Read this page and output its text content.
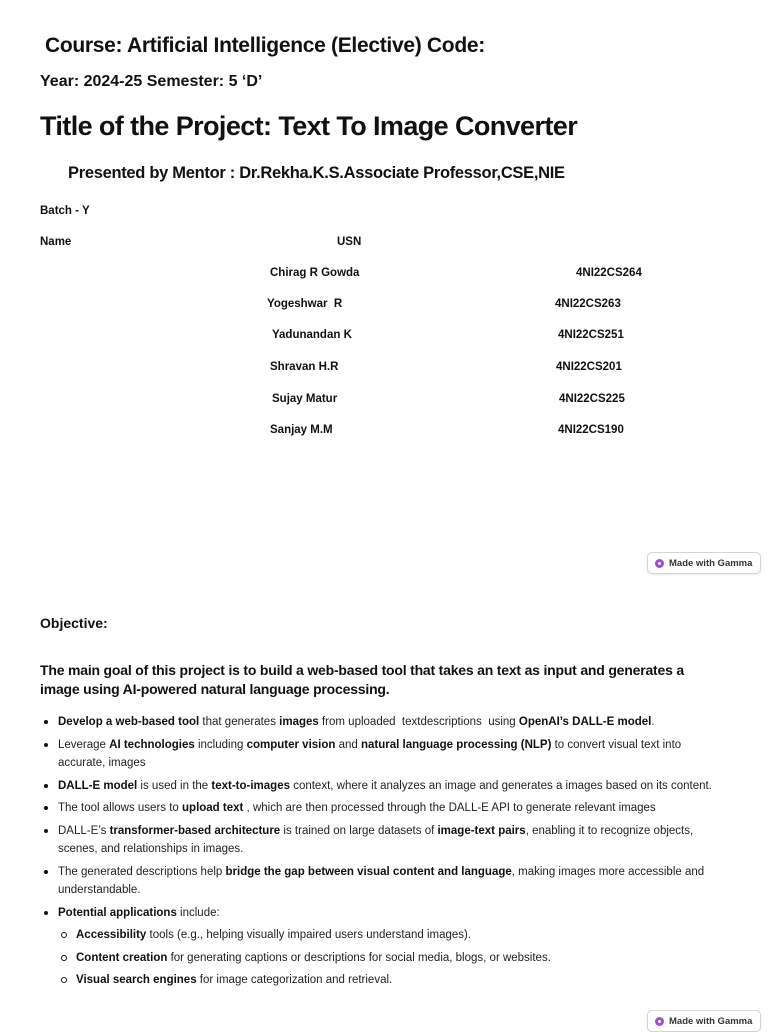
Course: Artificial Intelligence (Elective) Code:
Year: 2024-25 Semester: 5 ‘D’
Title of the Project: Text To Image Converter
Presented by Mentor : Dr.Rekha.K.S.Associate Professor,CSE,NIE
Batch - Y
Name	USN
Chirag R Gowda	4NI22CS264
Yogeshwar  R	4NI22CS263
Yadunandan K	4NI22CS251
Shravan H.R	4NI22CS201
Sujay Matur	4NI22CS225
Sanjay M.M	4NI22CS190
Made with Gamma
Objective:
The main goal of this project is to build a web-based tool that takes an text as input and generates a image using AI-powered natural language processing.
Develop a web-based tool that generates images from uploaded  textdescriptions  using OpenAI’s DALL-E model.
Leverage AI technologies including computer vision and natural language processing (NLP) to convert visual text into accurate, images
DALL-E model is used in the text-to-images context, where it analyzes an image and generates a images based on its content.
The tool allows users to upload text , which are then processed through the DALL-E API to generate relevant images
DALL-E’s transformer-based architecture is trained on large datasets of image-text pairs, enabling it to recognize objects, scenes, and relationships in images.
The generated descriptions help bridge the gap between visual content and language, making images more accessible and understandable.
Potential applications include:
Accessibility tools (e.g., helping visually impaired users understand images).
Content creation for generating captions or descriptions for social media, blogs, or websites.
Visual search engines for image categorization and retrieval.
Made with Gamma
